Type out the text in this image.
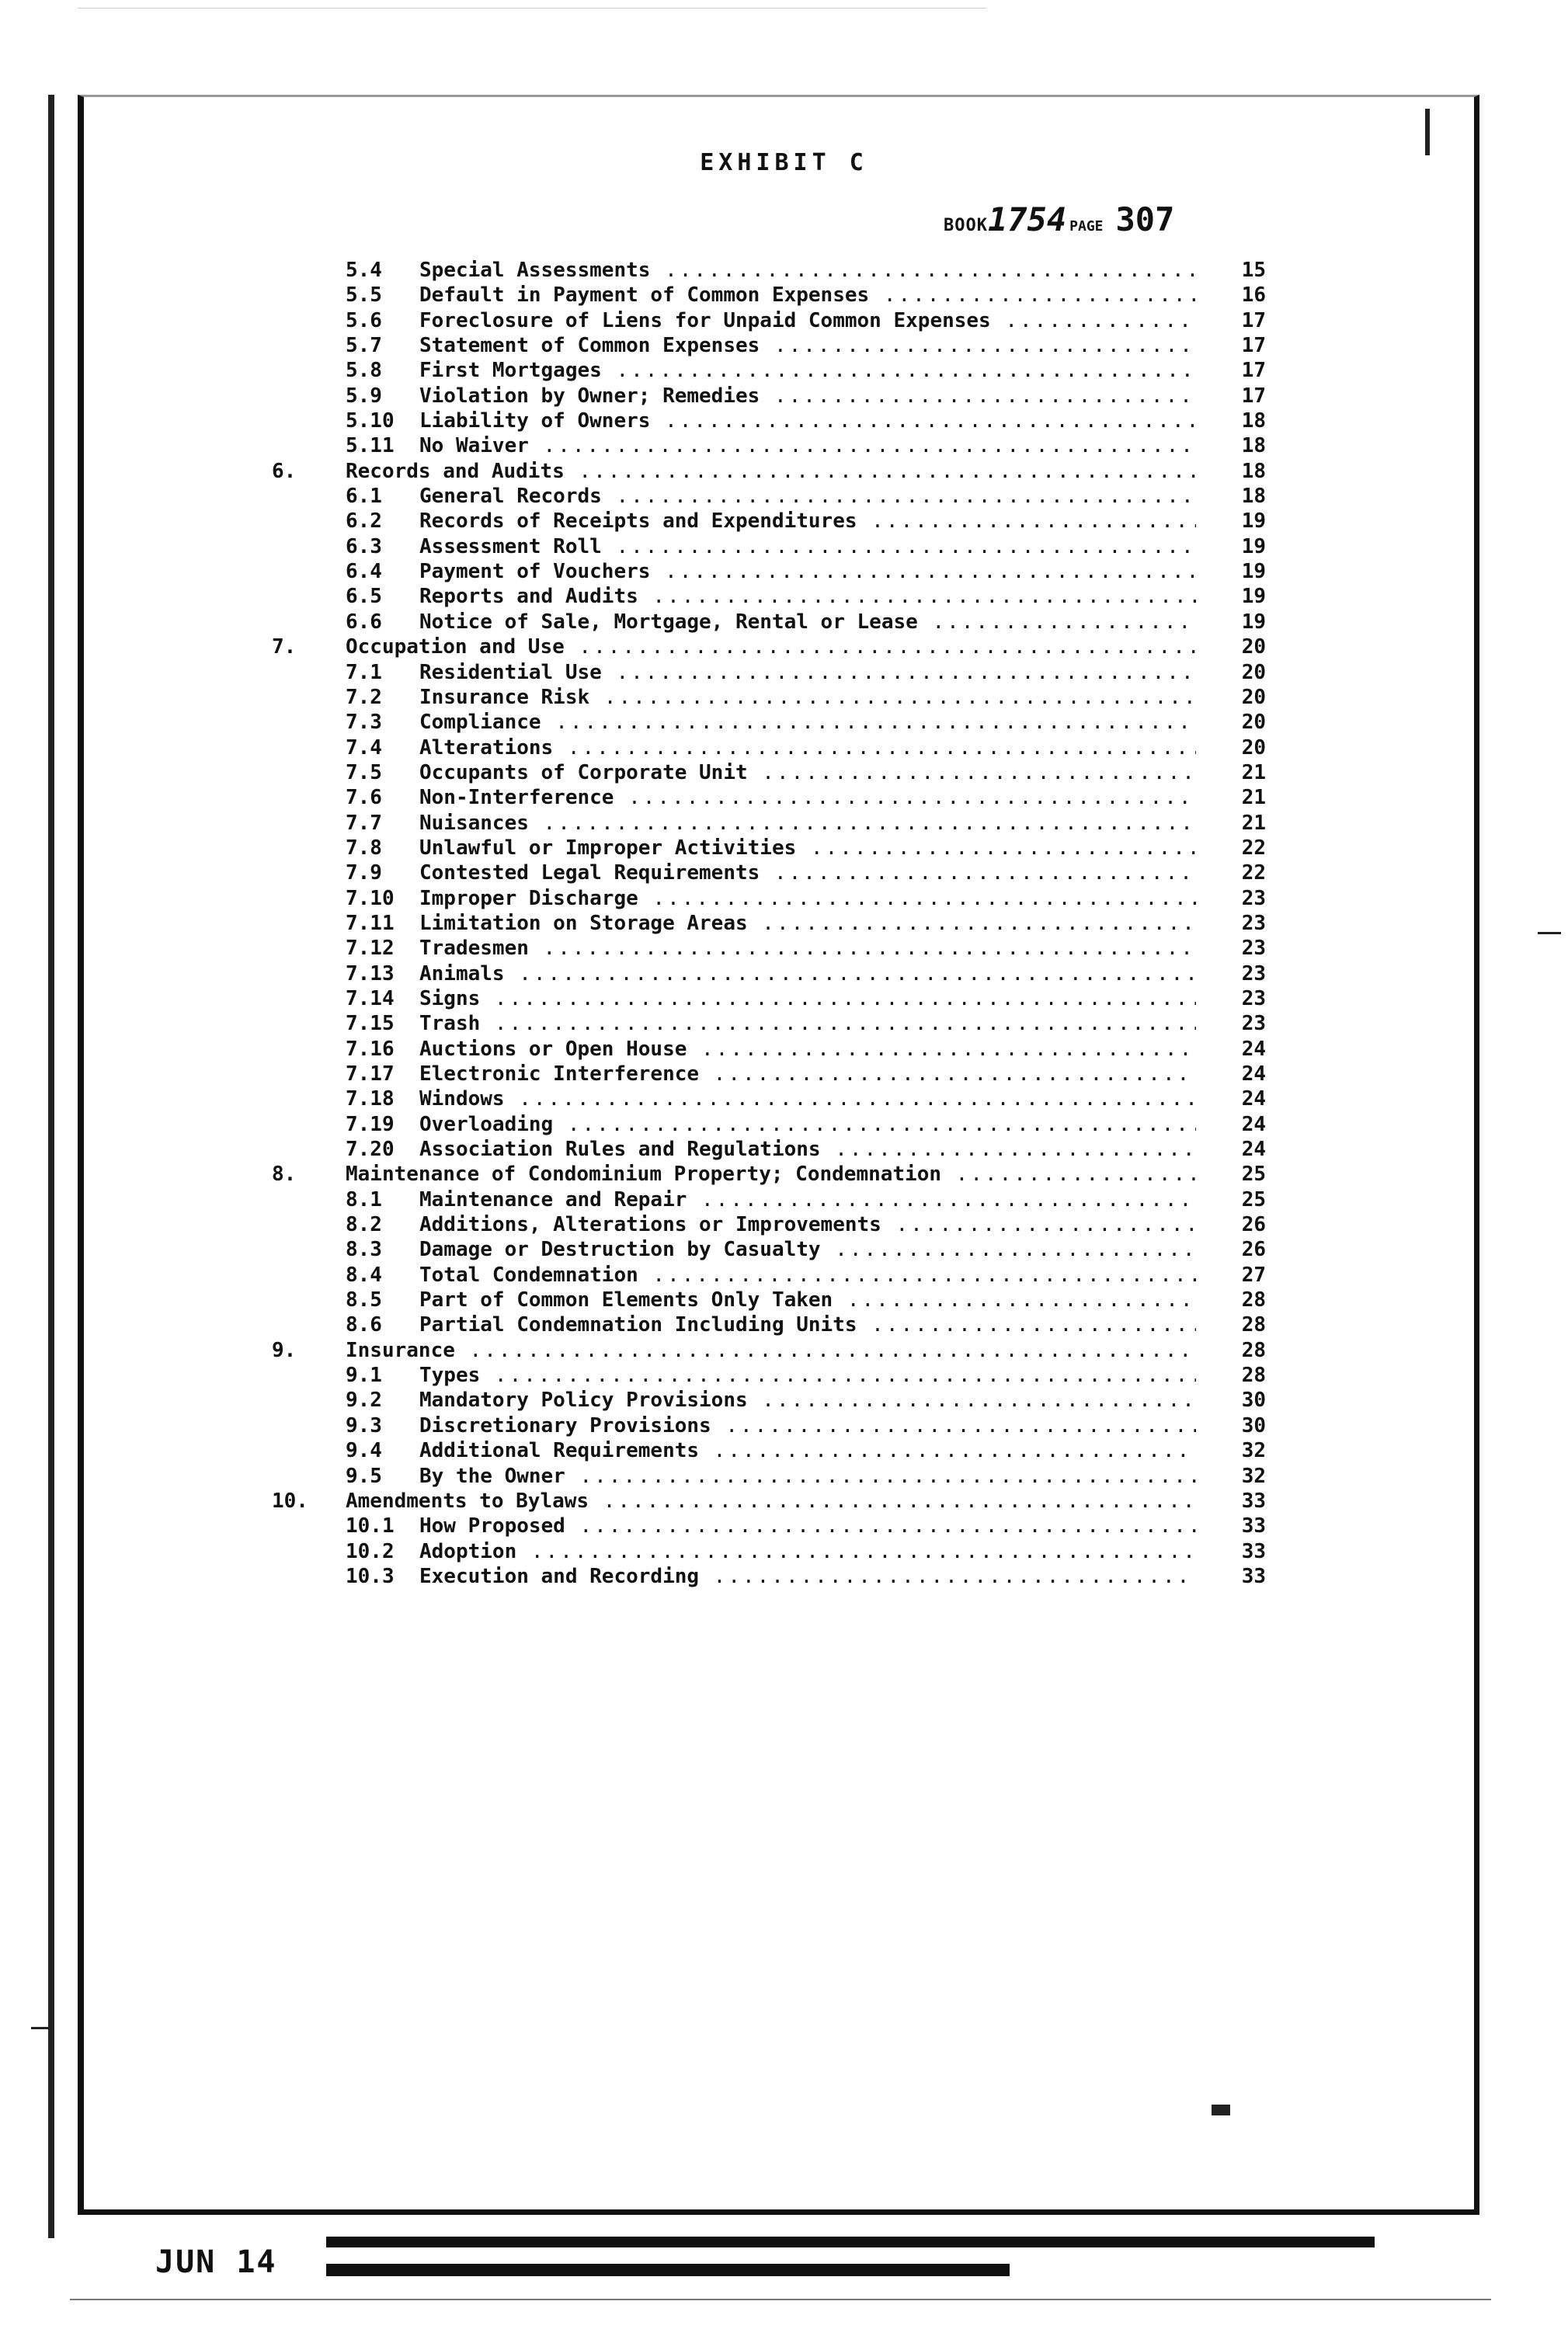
EXHIBIT C
BOOK1754 PAGE 307
5.4 Special Assessments .....	15
5.5 Default in Payment of Common Expenses .....	16
5.6 Foreclosure of Liens for Unpaid Common Expenses .....	17
5.7 Statement of Common Expenses .....	17
5.8 First Mortgages .....	17
5.9 Violation by Owner; Remedies .....	17
5.10 Liability of Owners .....	18
5.11 No Waiver .....	18
6. Records and Audits .....	18
6.1 General Records .....	18
6.2 Records of Receipts and Expenditures .....	19
6.3 Assessment Roll .....	19
6.4 Payment of Vouchers .....	19
6.5 Reports and Audits .....	19
6.6 Notice of Sale, Mortgage, Rental or Lease .....	19
7. Occupation and Use .....	20
7.1 Residential Use .....	20
7.2 Insurance Risk .....	20
7.3 Compliance .....	20
7.4 Alterations .....	20
7.5 Occupants of Corporate Unit .....	21
7.6 Non-Interference .....	21
7.7 Nuisances .....	21
7.8 Unlawful or Improper Activities .....	22
7.9 Contested Legal Requirements .....	22
7.10 Improper Discharge .....	23
7.11 Limitation on Storage Areas .....	23
7.12 Tradesmen .....	23
7.13 Animals .....	23
7.14 Signs .....	23
7.15 Trash .....	23
7.16 Auctions or Open House .....	24
7.17 Electronic Interference .....	24
7.18 Windows .....	24
7.19 Overloading .....	24
7.20 Association Rules and Regulations .....	24
8. Maintenance of Condominium Property; Condemnation .....	25
8.1 Maintenance and Repair .....	25
8.2 Additions, Alterations or Improvements .....	26
8.3 Damage or Destruction by Casualty .....	26
8.4 Total Condemnation .....	27
8.5 Part of Common Elements Only Taken .....	28
8.6 Partial Condemnation Including Units .....	28
9. Insurance .....	28
9.1 Types .....	28
9.2 Mandatory Policy Provisions .....	30
9.3 Discretionary Provisions .....	30
9.4 Additional Requirements .....	32
9.5 By the Owner .....	32
10. Amendments to Bylaws .....	33
10.1 How Proposed .....	33
10.2 Adoption .....	33
10.3 Execution and Recording .....	33
JUN 14
